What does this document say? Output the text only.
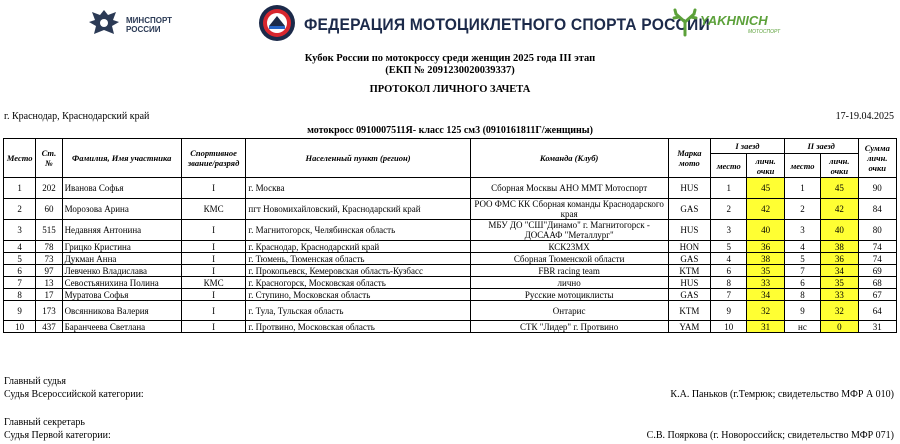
МИНСПОРТ
РОССИИ	ФЕДЕРАЦИЯ МОТОЦИКЛЕТНОГО СПОРТА РОССИИ
YAKHNICH
МОТОСПОРТ
Кубок России по мотокроссу среди женщин 2025 года III этап
(ЕКП № 2091230020039337)
ПРОТОКОЛ ЛИЧНОГО ЗАЧЕТА
г. Краснодар, Краснодарский край	17-19.04.2025
мотокросс 0910007511Я- класс 125 см3 (0910161811Г/женщины)
Место	Ст. №	Фамилия, Имя участника	Спортивное звание/разряд	Населенный пункт (регион)	Команда (Клуб)	Марка мото	I заезд		II заезд		Сумма личн. очки
							место	личн. очки	место	личн. очки	
1	202	Иванова Софья	I	г. Москва	Сборная Москвы АНО ММТ Мотоспорт	HUS	1	45	1	45	90
2	60	Морозова Арина	КМС	пгт Новомихайловский, Краснодарский край	РОО ФМС КК Сборная команды Краснодарского края	GAS	2	42	2	42	84
3	515	Недавняя Антонина	I	г. Магнитогорск, Челябинская область	МБУ ДО "СШ"Динамо" г. Магнитогорск - ДОСААФ "Металлург"	HUS	3	40	3	40	80
4	78	Грицко Кристина	I	г. Краснодар, Краснодарский край	КСК23МХ	HON	5	36	4	38	74
5	73	Дукман Анна	I	г. Тюмень, Тюменская область	Сборная Тюменской области	GAS	4	38	5	36	74
6	97	Левченко Владислава	I	г. Прокопьевск, Кемеровская область-Кузбасс	FBR racing team	KTM	6	35	7	34	69
7	13	Севостьянихина Полина	КМС	г. Красногорск, Московская область	лично	HUS	8	33	6	35	68
8	17	Муратова Софья	I	г. Ступино, Московская область	Русские мотоциклисты	GAS	7	34	8	33	67
9	173	Овсянникова Валерия	I	г. Тула, Тульская область	Онтарис	KTM	9	32	9	32	64
10	437	Баранчеева Светлана	I	г. Протвино, Московская область	СТК "Лидер" г. Протвино	YAM	10	31	нс	0	31
Главный судья
Судья Всероссийской категории:	К.А. Паньков (г.Темрюк; свидетельство МФР А 010)
Главный секретарь
Судья Первой категории:	С.В. Пояркова (г. Новороссийск; свидетельство МФР 071)
